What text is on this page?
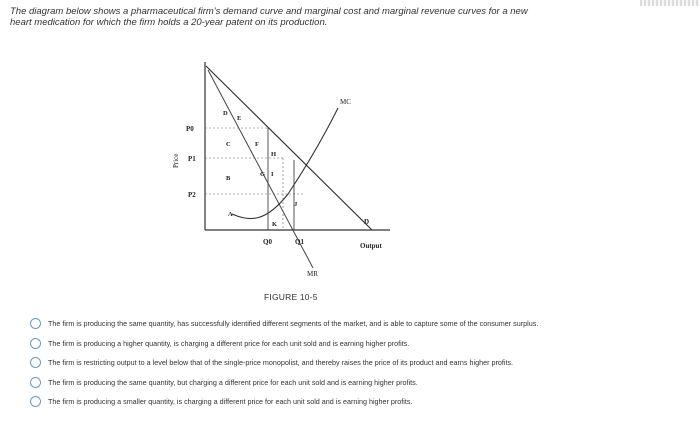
The diagram below shows a pharmaceutical firm's demand curve and marginal cost and marginal revenue curves for a new
heart medication for which the firm holds a 20-year patent on its production.
Price
Output
P0
P1
P2
Q0	Q1
MC
MR
D
D
E
C	F
H
B
G I
J
K
A
FIGURE 10-5
The firm is producing the same quantity, has successfully identified different segments of the market, and is able to capture some of the consumer surplus.
The firm is producing a higher quantity, is charging a different price for each unit sold and is earning higher profits.
The firm is restricting output to a level below that of the single-price monopolist, and thereby raises the price of its product and earns higher profits.
The firm is producing the same quantity, but charging a different price for each unit sold and is earning higher profits.
The firm is producing a smaller quantity, is charging a different price for each unit sold and is earning higher profits.
